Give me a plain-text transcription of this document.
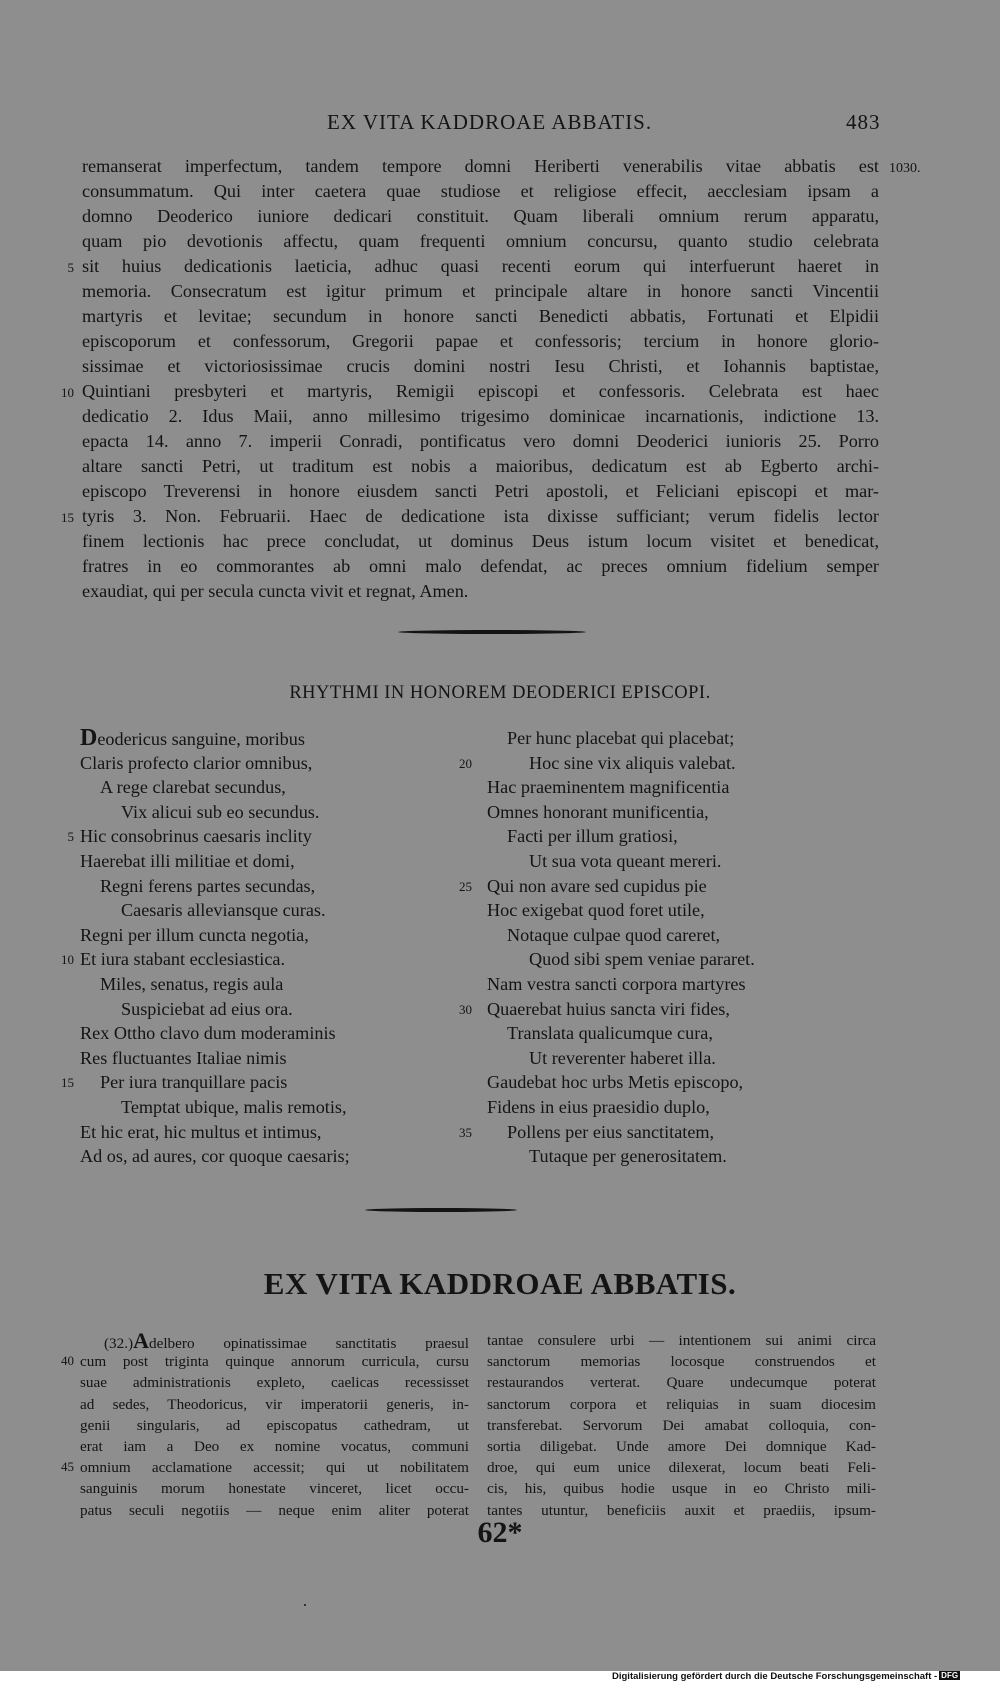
EX VITA KADDROAE ABBATIS.	483
1030.
remanserat imperfectum, tandem tempore domni Heriberti venerabilis vitae abbatis est
consummatum. Qui inter caetera quae studiose et religiose effecit, aecclesiam ipsam a
domno Deoderico iuniore dedicari constituit. Quam liberali omnium rerum apparatu,
quam pio devotionis affectu, quam frequenti omnium concursu, quanto studio celebrata
sit huius dedicationis laeticia, adhuc quasi recenti eorum qui interfuerunt haeret in
memoria. Consecratum est igitur primum et principale altare in honore sancti Vincentii
martyris et levitae; secundum in honore sancti Benedicti abbatis, Fortunati et Elpidii
episcoporum et confessorum, Gregorii papae et confessoris; tercium in honore glorio-
sissimae et victoriosissimae crucis domini nostri Iesu Christi, et Iohannis baptistae,
Quintiani presbyteri et martyris, Remigii episcopi et confessoris. Celebrata est haec
dedicatio 2. Idus Maii, anno millesimo trigesimo dominicae incarnationis, indictione 13.
epacta 14. anno 7. imperii Conradi, pontificatus vero domni Deoderici iunioris 25. Porro
altare sancti Petri, ut traditum est nobis a maioribus, dedicatum est ab Egberto archi-
episcopo Treverensi in honore eiusdem sancti Petri apostoli, et Feliciani episcopi et mar-
tyris 3. Non. Februarii. Haec de dedicatione ista dixisse sufficiant; verum fidelis lector
finem lectionis hac prece concludat, ut dominus Deus istum locum visitet et benedicat,
fratres in eo commorantes ab omni malo defendat, ac preces omnium fidelium semper
exaudiat, qui per secula cuncta vivit et regnat, Amen.
5
10
15
RHYTHMI IN HONOREM DEODERICI EPISCOPI.
Deodericus sanguine, moribus
Claris profecto clarior omnibus,
A rege clarebat secundus,
Vix alicui sub eo secundus.
Hic consobrinus caesaris inclity
Haerebat illi militiae et domi,
Regni ferens partes secundas,
Caesaris alleviansque curas.
Regni per illum cuncta negotia,
Et iura stabant ecclesiastica.
Miles, senatus, regis aula
Suspiciebat ad eius ora.
Rex Ottho clavo dum moderaminis
Res fluctuantes Italiae nimis
Per iura tranquillare pacis
Temptat ubique, malis remotis,
Et hic erat, hic multus et intimus,
Ad os, ad aures, cor quoque caesaris;
5
10
15
Per hunc placebat qui placebat;
Hoc sine vix aliquis valebat.
Hac praeminentem magnificentia
Omnes honorant munificentia,
Facti per illum gratiosi,
Ut sua vota queant mereri.
Qui non avare sed cupidus pie
Hoc exigebat quod foret utile,
Notaque culpae quod careret,
Quod sibi spem veniae pararet.
Nam vestra sancti corpora martyres
Quaerebat huius sancta viri fides,
Translata qualicumque cura,
Ut reverenter haberet illa.
Gaudebat hoc urbs Metis episcopo,
Fidens in eius praesidio duplo,
Pollens per eius sanctitatem,
Tutaque per generositatem.
20
25
30
35
EX VITA KADDROAE ABBATIS.
(32.)Adelbero opinatissimae sanctitatis praesul
cum post triginta quinque annorum curricula, cursu
suae administrationis expleto, caelicas recessisset
ad sedes, Theodoricus, vir imperatorii generis, in-
genii singularis, ad episcopatus cathedram, ut
erat iam a Deo ex nomine vocatus, communi
omnium acclamatione accessit; qui ut nobilitatem
sanguinis morum honestate vinceret, licet occu-
patus seculi negotiis — neque enim aliter poterat
40
45
tantae consulere urbi — intentionem sui animi circa
sanctorum memorias locosque construendos et
restaurandos verterat. Quare undecumque poterat
sanctorum corpora et reliquias in suam diocesim
transferebat. Servorum Dei amabat colloquia, con-
sortia diligebat. Unde amore Dei domnique Kad-
droe, qui eum unice dilexerat, locum beati Feli-
cis, his, quibus hodie usque in eo Christo mili-
tantes utuntur, beneficiis auxit et praediis, ipsum-
62*
Digitalisierung gefördert durch die Deutsche Forschungsgemeinschaft - DFG
